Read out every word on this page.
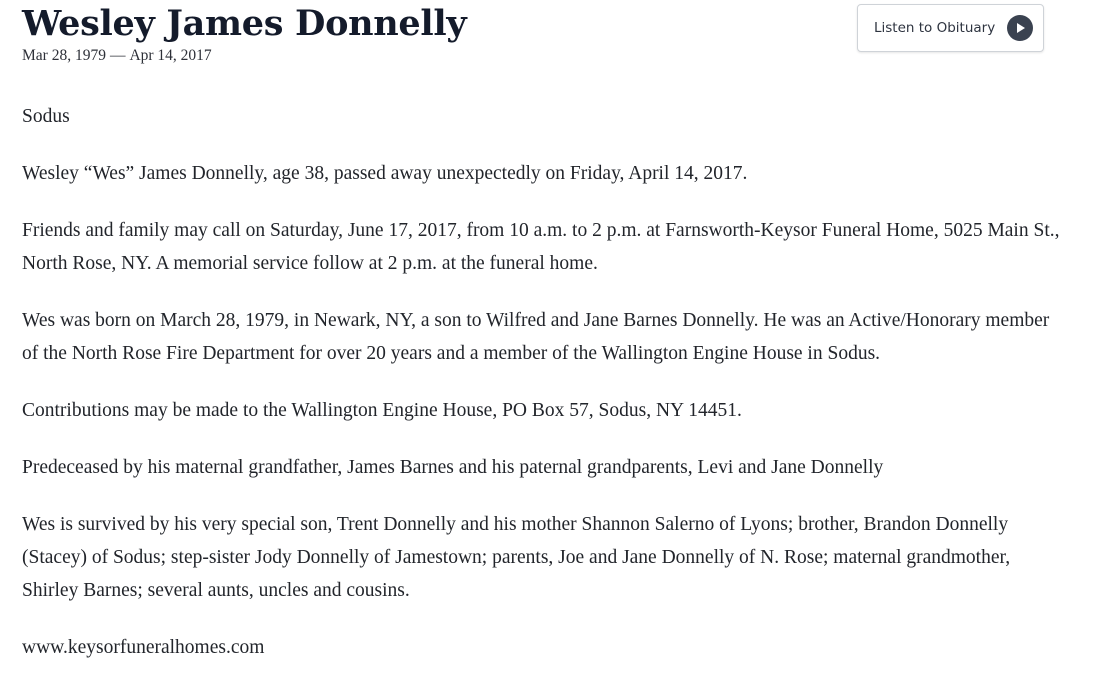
Wesley James Donnelly
Mar 28, 1979 — Apr 14, 2017
Listen to Obituary

Sodus

Wesley “Wes” James Donnelly, age 38, passed away unexpectedly on Friday, April 14, 2017.

Friends and family may call on Saturday, June 17, 2017, from 10 a.m. to 2 p.m. at Farnsworth-Keysor Funeral Home, 5025 Main St., North Rose, NY. A memorial service follow at 2 p.m. at the funeral home.

Wes was born on March 28, 1979, in Newark, NY, a son to Wilfred and Jane Barnes Donnelly. He was an Active/Honorary member of the North Rose Fire Department for over 20 years and a member of the Wallington Engine House in Sodus.

Contributions may be made to the Wallington Engine House, PO Box 57, Sodus, NY 14451.

Predeceased by his maternal grandfather, James Barnes and his paternal grandparents, Levi and Jane Donnelly

Wes is survived by his very special son, Trent Donnelly and his mother Shannon Salerno of Lyons; brother, Brandon Donnelly (Stacey) of Sodus; step-sister Jody Donnelly of Jamestown; parents, Joe and Jane Donnelly of N. Rose; maternal grandmother, Shirley Barnes; several aunts, uncles and cousins.

www.keysorfuneralhomes.com
